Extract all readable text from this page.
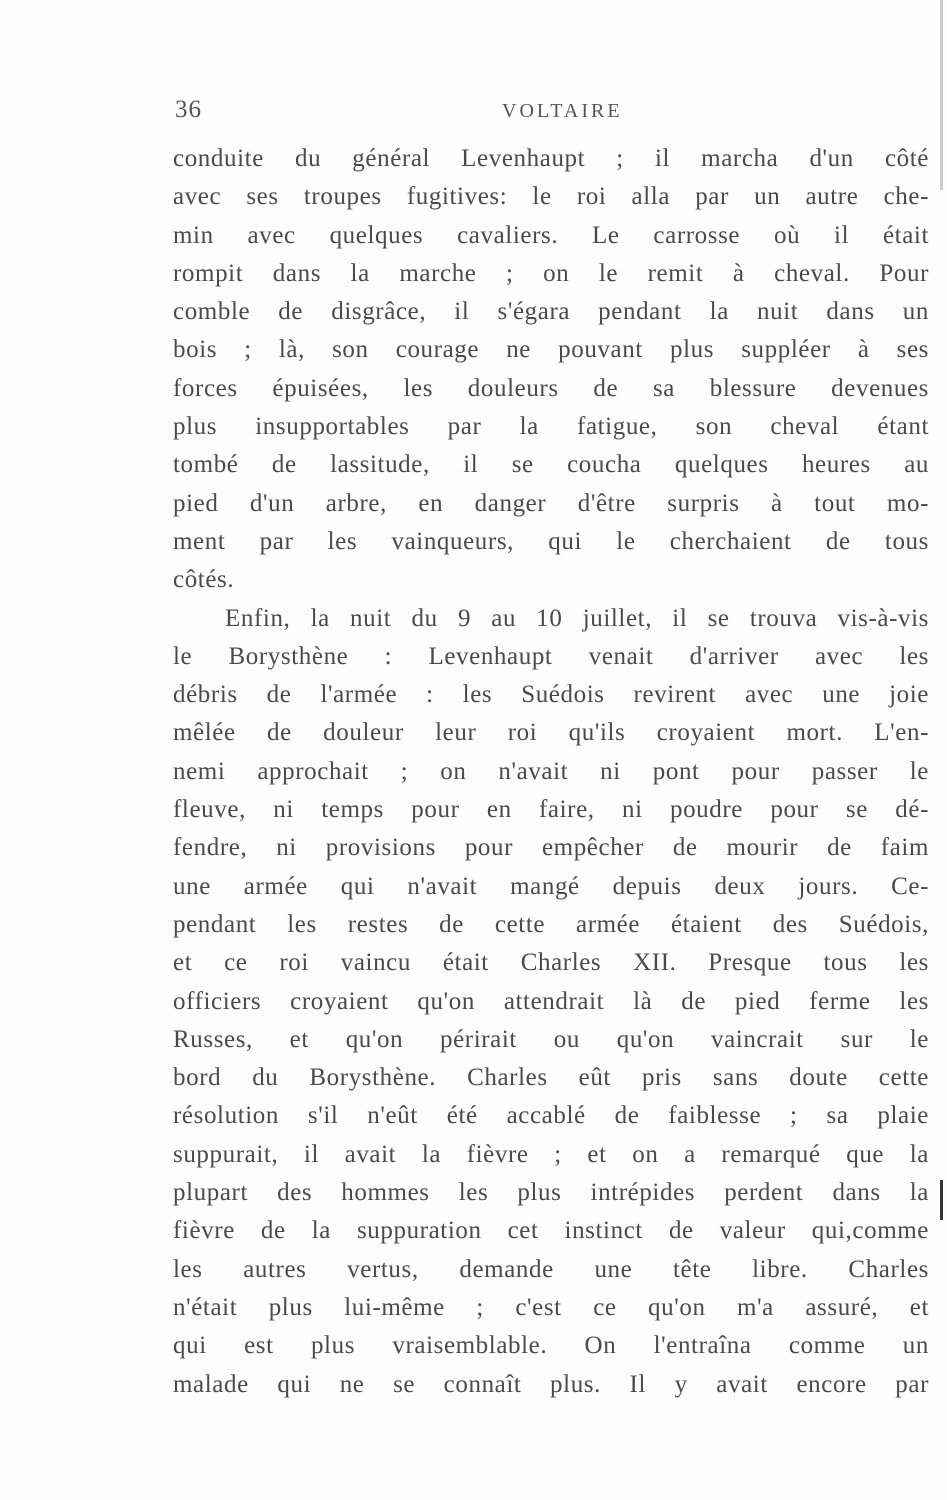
36	VOLTAIRE
conduite du général Levenhaupt ; il marcha d'un côté
avec ses troupes fugitives: le roi alla par un autre che-
min avec quelques cavaliers. Le carrosse où il était
rompit dans la marche ; on le remit à cheval. Pour
comble de disgrâce, il s'égara pendant la nuit dans un
bois ; là, son courage ne pouvant plus suppléer à ses
forces épuisées, les douleurs de sa blessure devenues
plus insupportables par la fatigue, son cheval étant
tombé de lassitude, il se coucha quelques heures au
pied d'un arbre, en danger d'être surpris à tout mo-
ment par les vainqueurs, qui le cherchaient de tous
côtés.
Enfin, la nuit du 9 au 10 juillet, il se trouva vis-à-vis
le Borysthène : Levenhaupt venait d'arriver avec les
débris de l'armée : les Suédois revirent avec une joie
mêlée de douleur leur roi qu'ils croyaient mort. L'en-
nemi approchait ; on n'avait ni pont pour passer le
fleuve, ni temps pour en faire, ni poudre pour se dé-
fendre, ni provisions pour empêcher de mourir de faim
une armée qui n'avait mangé depuis deux jours. Ce-
pendant les restes de cette armée étaient des Suédois,
et ce roi vaincu était Charles XII. Presque tous les
officiers croyaient qu'on attendrait là de pied ferme les
Russes, et qu'on périrait ou qu'on vaincrait sur le
bord du Borysthène. Charles eût pris sans doute cette
résolution s'il n'eût été accablé de faiblesse ; sa plaie
suppurait, il avait la fièvre ; et on a remarqué que la
plupart des hommes les plus intrépides perdent dans la
fièvre de la suppuration cet instinct de valeur qui,comme
les autres vertus, demande une tête libre. Charles
n'était plus lui-même ; c'est ce qu'on m'a assuré, et
qui est plus vraisemblable. On l'entraîna comme un
malade qui ne se connaît plus. Il y avait encore par
